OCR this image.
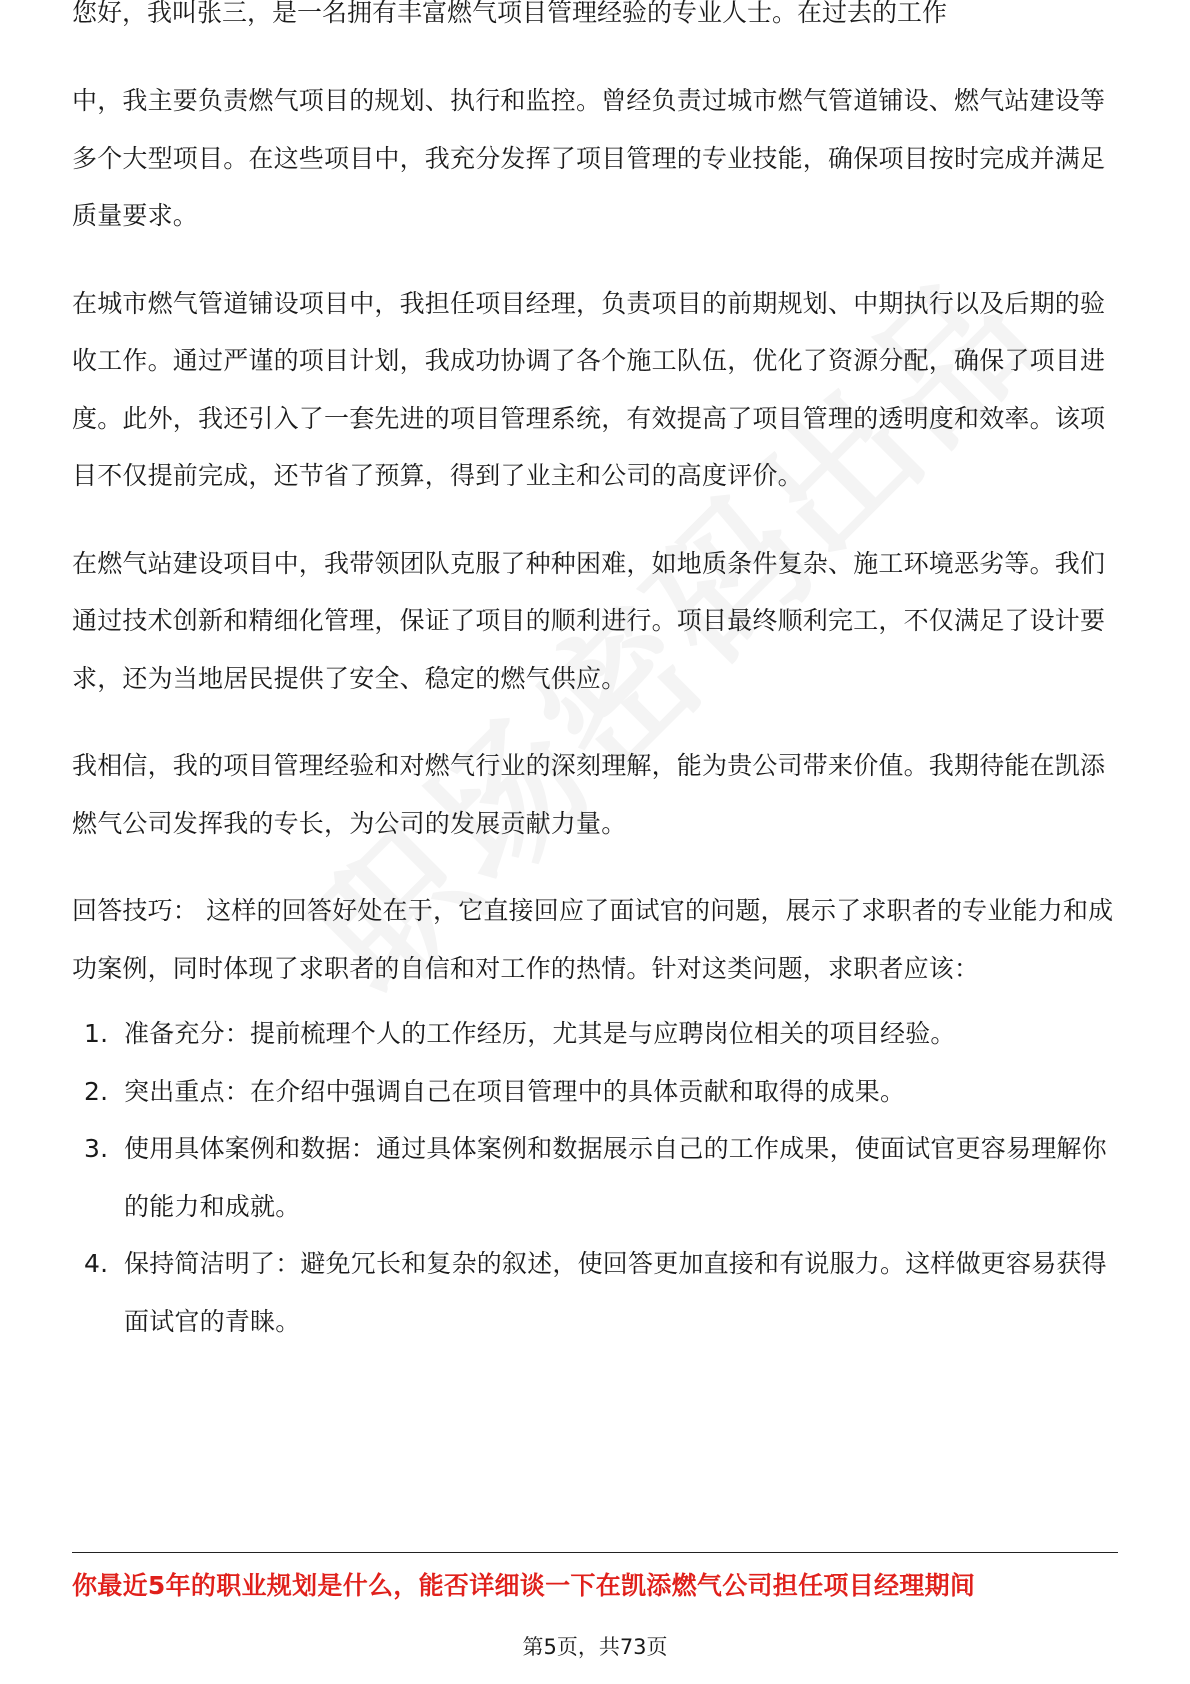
您好，我叫张三，是一名拥有丰富燃气项目管理经验的专业人士。在过去的工作

中，我主要负责燃气项目的规划、执行和监控。曾经负责过城市燃气管道铺设、燃气站建设等多个大型项目。在这些项目中，我充分发挥了项目管理的专业技能，确保项目按时完成并满足质量要求。

在城市燃气管道铺设项目中，我担任项目经理，负责项目的前期规划、中期执行以及后期的验收工作。通过严谨的项目计划，我成功协调了各个施工队伍，优化了资源分配，确保了项目进度。此外，我还引入了一套先进的项目管理系统，有效提高了项目管理的透明度和效率。该项目不仅提前完成，还节省了预算，得到了业主和公司的高度评价。

在燃气站建设项目中，我带领团队克服了种种困难，如地质条件复杂、施工环境恶劣等。我们通过技术创新和精细化管理，保证了项目的顺利进行。项目最终顺利完工，不仅满足了设计要求，还为当地居民提供了安全、稳定的燃气供应。

我相信，我的项目管理经验和对燃气行业的深刻理解，能为贵公司带来价值。我期待能在凯添燃气公司发挥我的专长，为公司的发展贡献力量。

回答技巧： 这样的回答好处在于，它直接回应了面试官的问题，展示了求职者的专业能力和成功案例，同时体现了求职者的自信和对工作的热情。针对这类问题，求职者应该：

1. 准备充分：提前梳理个人的工作经历，尤其是与应聘岗位相关的项目经验。
2. 突出重点：在介绍中强调自己在项目管理中的具体贡献和取得的成果。
3. 使用具体案例和数据：通过具体案例和数据展示自己的工作成果，使面试官更容易理解你的能力和成就。
4. 保持简洁明了：避免冗长和复杂的叙述，使回答更加直接和有说服力。这样做更容易获得面试官的青睐。
你最近5年的职业规划是什么，能否详细谈一下在凯添燃气公司担任项目经理期间
第5页，共73页
